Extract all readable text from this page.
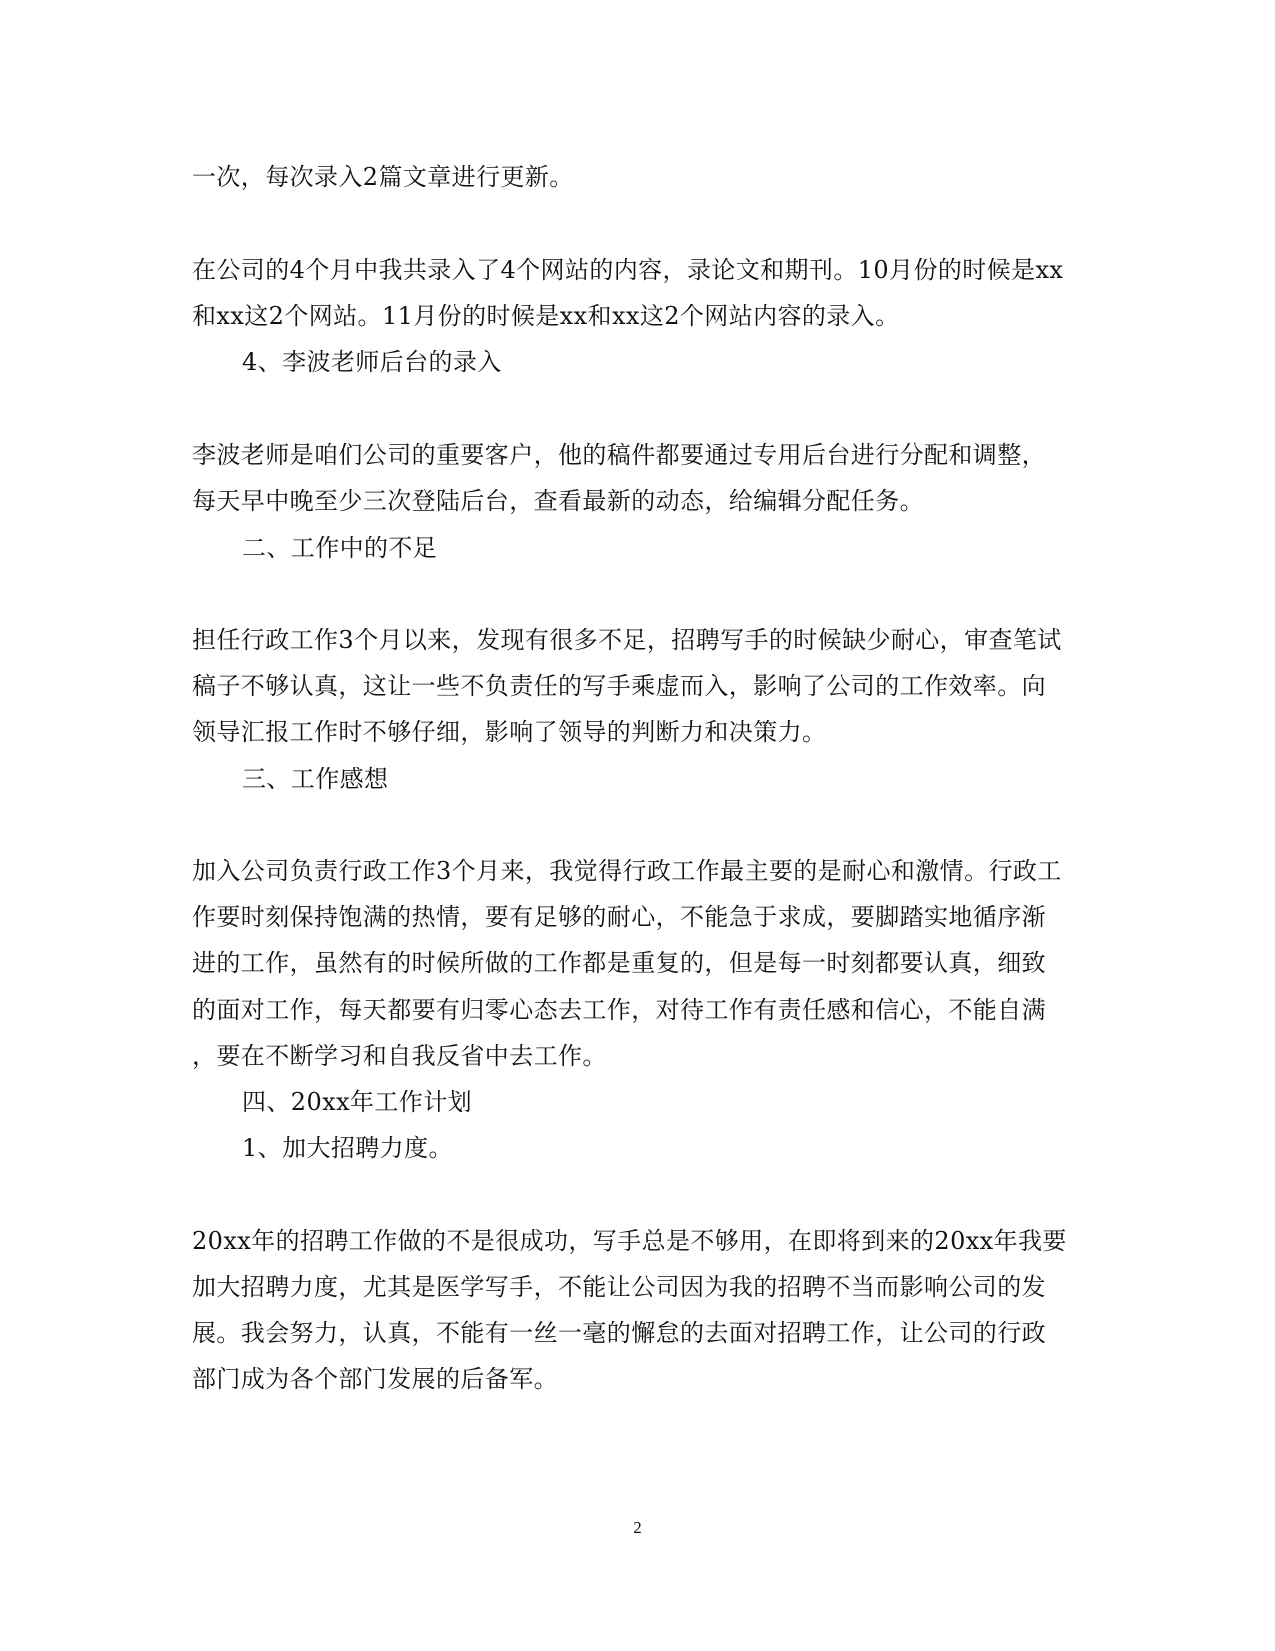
一次，每次录入2篇文章进行更新。
在公司的4个月中我共录入了4个网站的内容，录论文和期刊。10月份的时候是xx
和xx这2个网站。11月份的时候是xx和xx这2个网站内容的录入。
4、李波老师后台的录入
李波老师是咱们公司的重要客户，他的稿件都要通过专用后台进行分配和调整，
每天早中晚至少三次登陆后台，查看最新的动态，给编辑分配任务。
二、工作中的不足
担任行政工作3个月以来，发现有很多不足，招聘写手的时候缺少耐心，审查笔试
稿子不够认真，这让一些不负责任的写手乘虚而入，影响了公司的工作效率。向
领导汇报工作时不够仔细，影响了领导的判断力和决策力。
三、工作感想
加入公司负责行政工作3个月来，我觉得行政工作最主要的是耐心和激情。行政工
作要时刻保持饱满的热情，要有足够的耐心，不能急于求成，要脚踏实地循序渐
进的工作，虽然有的时候所做的工作都是重复的，但是每一时刻都要认真，细致
的面对工作，每天都要有归零心态去工作，对待工作有责任感和信心，不能自满
，要在不断学习和自我反省中去工作。
四、20xx年工作计划
1、加大招聘力度。
20xx年的招聘工作做的不是很成功，写手总是不够用，在即将到来的20xx年我要
加大招聘力度，尤其是医学写手，不能让公司因为我的招聘不当而影响公司的发
展。我会努力，认真，不能有一丝一毫的懈怠的去面对招聘工作，让公司的行政
部门成为各个部门发展的后备军。
2
